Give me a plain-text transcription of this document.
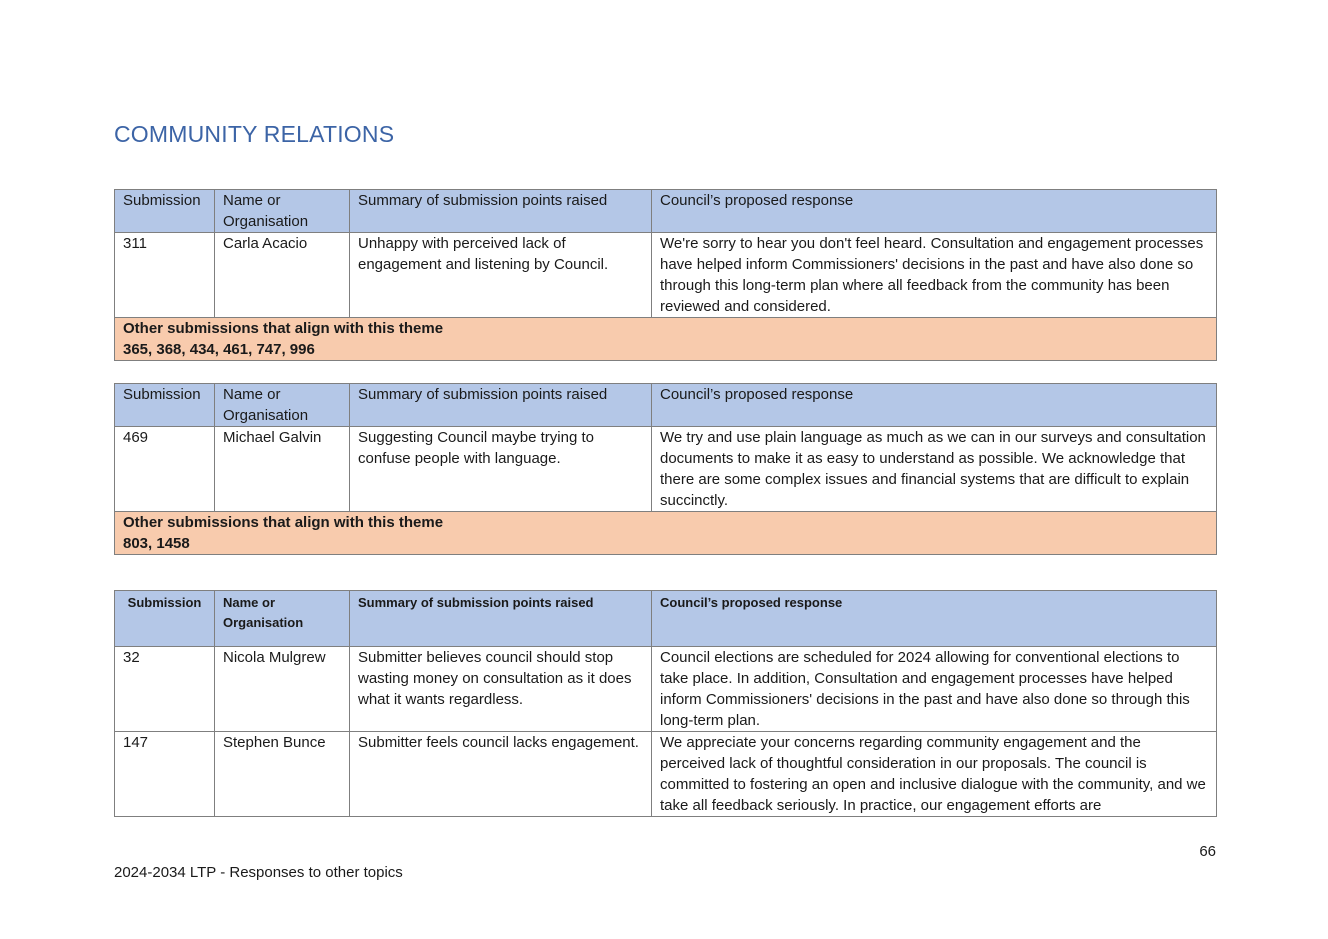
COMMUNITY RELATIONS
Submission	Name or Organisation	Summary of submission points raised	Council’s proposed response
311	Carla Acacio	Unhappy with perceived lack of engagement and listening by Council.	We're sorry to hear you don't feel heard. Consultation and engagement processes have helped inform Commissioners' decisions in the past and have also done so through this long-term plan where all feedback from the community has been reviewed and considered.

Other submissions that align with this theme
365, 368, 434, 461, 747, 996			
Submission	Name or Organisation	Summary of submission points raised	Council’s proposed response
469	Michael Galvin	Suggesting Council maybe trying to confuse people with language.	We try and use plain language as much as we can in our surveys and consultation documents to make it as easy to understand as possible. We acknowledge that there are some complex issues and financial systems that are difficult to explain succinctly.

Other submissions that align with this theme
803, 1458			
Submission	Name or Organisation	Summary of submission points raised	Council’s proposed response
32	Nicola Mulgrew	Submitter believes council should stop wasting money on consultation as it does what it wants regardless.	Council elections are scheduled for 2024 allowing for conventional elections to take place. In addition, Consultation and engagement processes have helped inform Commissioners' decisions in the past and have also done so through this long-term plan.
147	Stephen Bunce	Submitter feels council lacks engagement.	We appreciate your concerns regarding community engagement and the perceived lack of thoughtful consideration in our proposals. The council is committed to fostering an open and inclusive dialogue with the community, and we take all feedback seriously. In practice, our engagement efforts are
66
2024-2034 LTP - Responses to other topics
